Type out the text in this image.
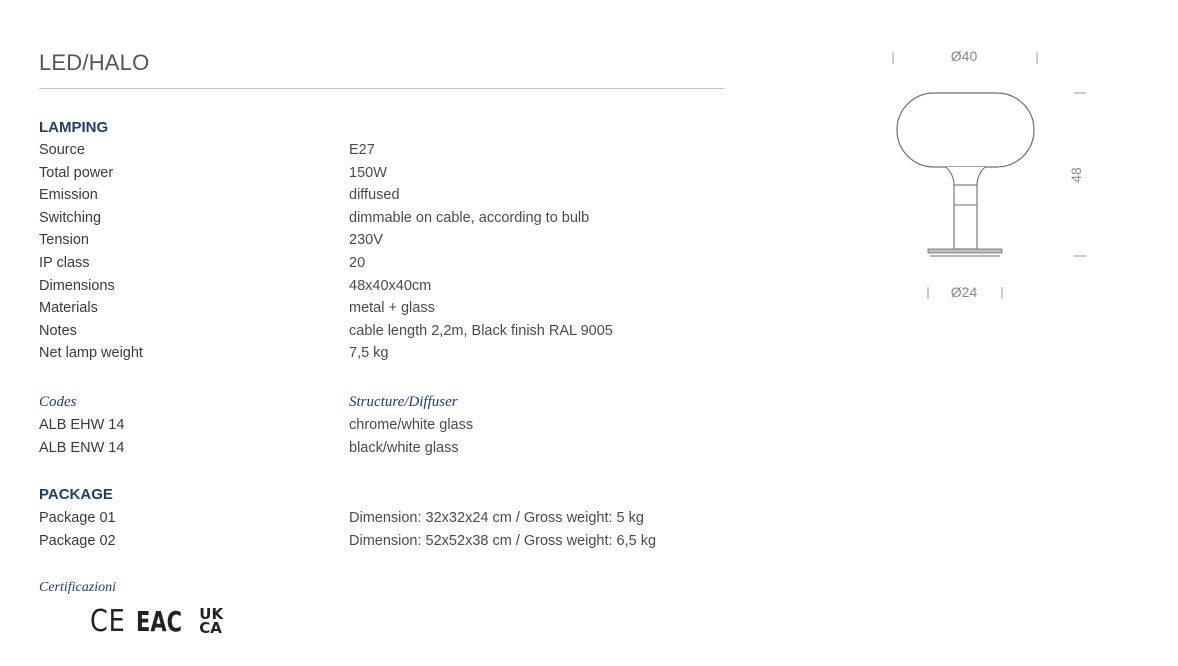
LED/HALO
LAMPING
Source	E27
Total power	150W
Emission	diffused
Switching	dimmable on cable, according to bulb
Tension	230V
IP class	20
Dimensions	48x40x40cm
Materials	metal + glass
Notes	cable length 2,2m, Black finish RAL 9005
Net lamp weight	7,5 kg
Codes	Structure/Diffuser
ALB EHW 14	chrome/white glass
ALB ENW 14	black/white glass
PACKAGE
Package 01	Dimension: 32x32x24 cm / Gross weight: 5 kg
Package 02	Dimension: 52x52x38 cm / Gross weight: 6,5 kg
Certificazioni
CE EAC UK
CA
Ø40
48
Ø24
